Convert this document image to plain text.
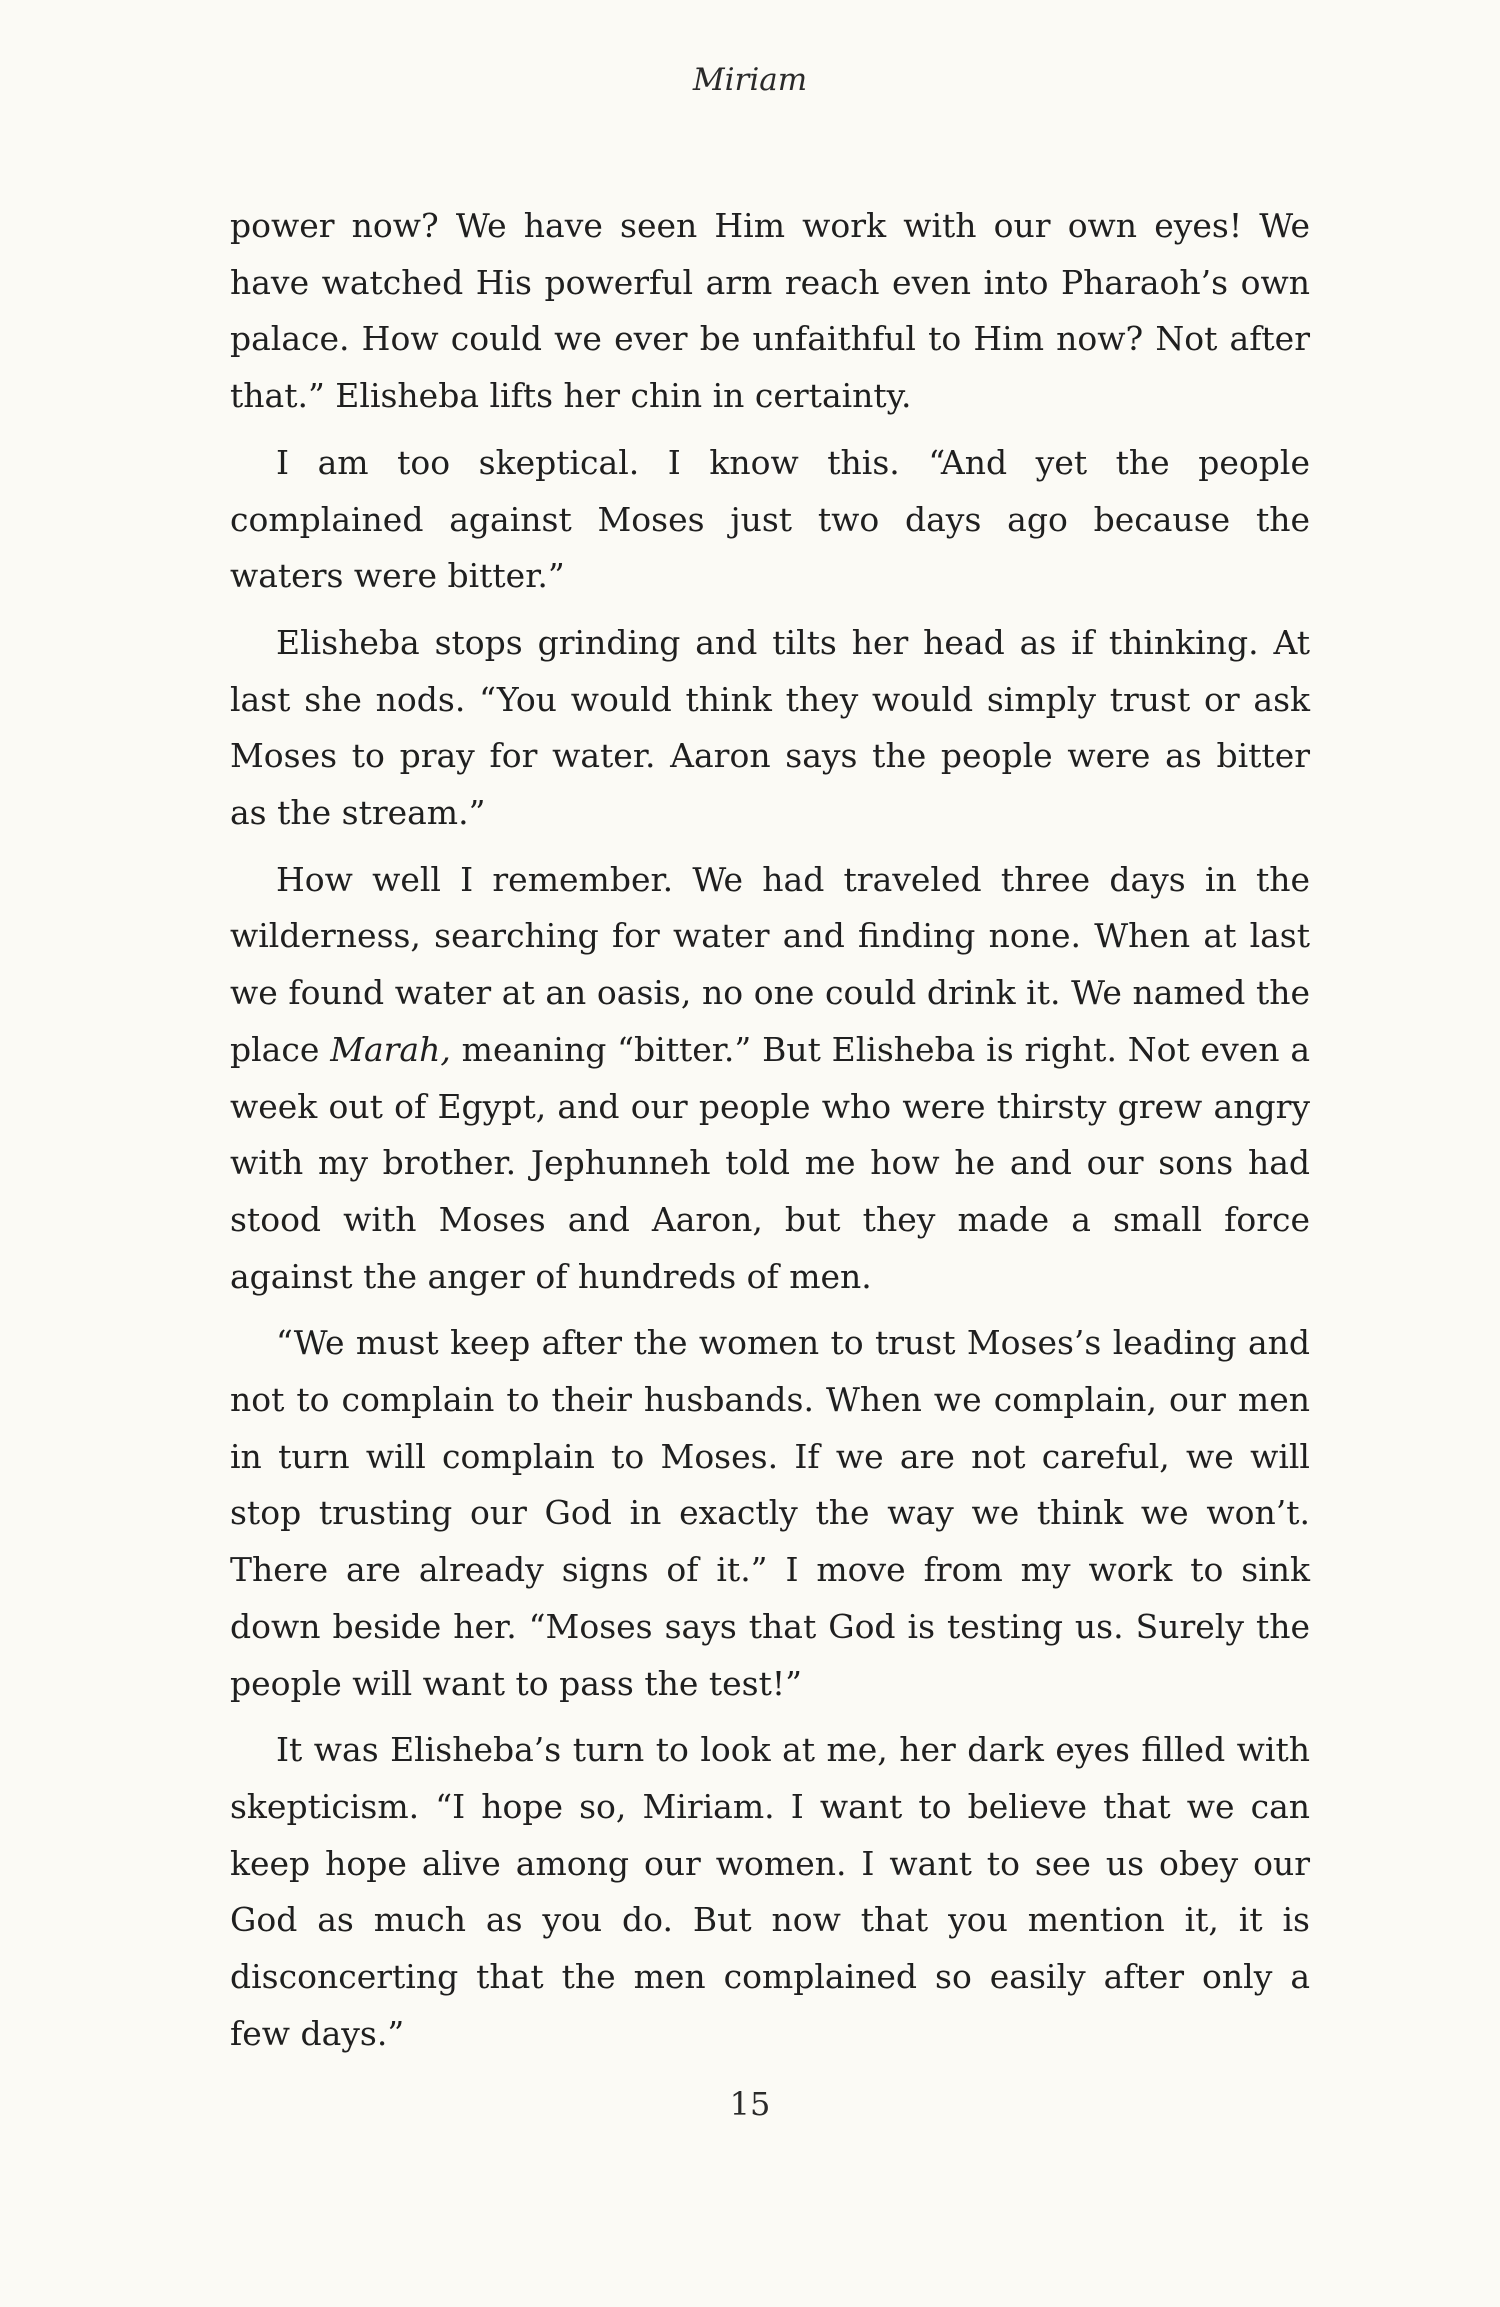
Miriam

power now? We have seen Him work with our own eyes! We have watched His powerful arm reach even into Pharaoh’s own palace. How could we ever be unfaithful to Him now? Not after that.” Elisheba lifts her chin in certainty.

I am too skeptical. I know this. “And yet the people complained against Moses just two days ago because the waters were bitter.”

Elisheba stops grinding and tilts her head as if thinking. At last she nods. “You would think they would simply trust or ask Moses to pray for water. Aaron says the people were as bitter as the stream.”

How well I remember. We had traveled three days in the wilderness, searching for water and finding none. When at last we found water at an oasis, no one could drink it. We named the place Marah, meaning “bitter.” But Elisheba is right. Not even a week out of Egypt, and our people who were thirsty grew angry with my brother. Jephunneh told me how he and our sons had stood with Moses and Aaron, but they made a small force against the anger of hundreds of men.

“We must keep after the women to trust Moses’s leading and not to complain to their husbands. When we complain, our men in turn will complain to Moses. If we are not careful, we will stop trusting our God in exactly the way we think we won’t. There are already signs of it.” I move from my work to sink down beside her. “Moses says that God is testing us. Surely the people will want to pass the test!”

It was Elisheba’s turn to look at me, her dark eyes filled with skepticism. “I hope so, Miriam. I want to believe that we can keep hope alive among our women. I want to see us obey our God as much as you do. But now that you mention it, it is disconcerting that the men complained so easily after only a few days.”

15
